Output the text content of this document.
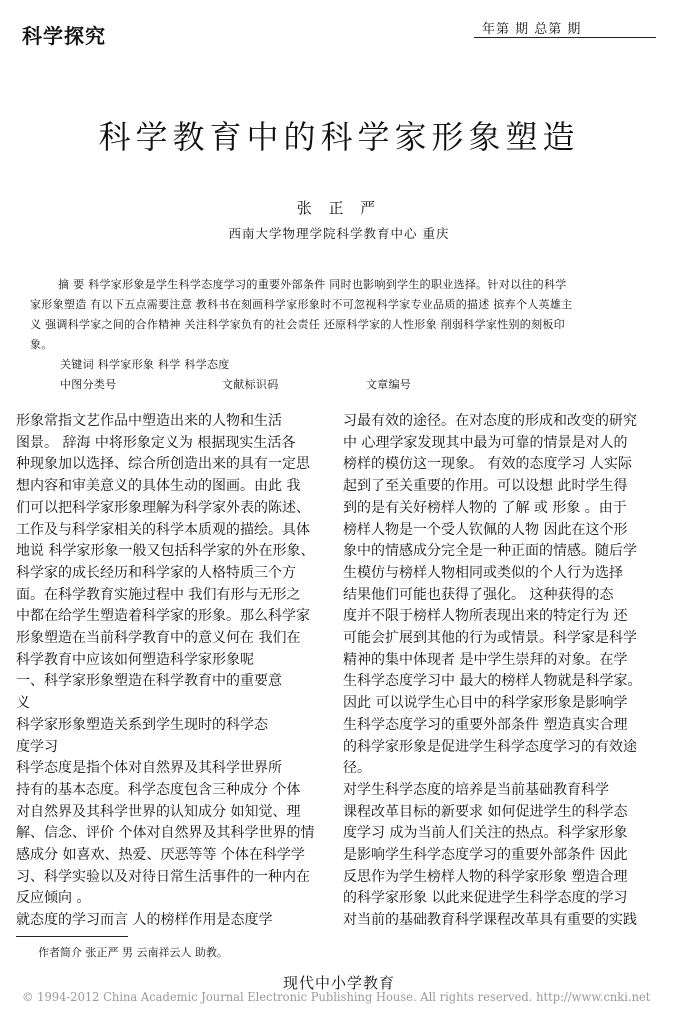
科学探究	年第 期 总第 期
科学教育中的科学家形象塑造
张 正 严
西南大学物理学院科学教育中心 重庆
摘 要 科学家形象是学生科学态度学习的重要外部条件 同时也影响到学生的职业选择。针对以往的科学
家形象塑造 有以下五点需要注意 教科书在刻画科学家形象时不可忽视科学家专业品质的描述 摈弃个人英雄主
义 强调科学家之间的合作精神 关注科学家负有的社会责任 还原科学家的人性形象 削弱科学家性别的刻板印
象。
关键词 科学家形象 科学 科学态度
中图分类号	文献标识码	文章编号
形象常指文艺作品中塑造出来的人物和生活
图景。 辞海 中将形象定义为 根据现实生活各
种现象加以选择、综合所创造出来的具有一定思
想内容和审美意义的具体生动的图画。由此 我
们可以把科学家形象理解为科学家外表的陈述、
工作及与科学家相关的科学本质观的描绘。具体
地说 科学家形象一般又包括科学家的外在形象、
科学家的成长经历和科学家的人格特质三个方
面。在科学教育实施过程中 我们有形与无形之
中都在给学生塑造着科学家的形象。那么科学家
形象塑造在当前科学教育中的意义何在 我们在
科学教育中应该如何塑造科学家形象呢
一、科学家形象塑造在科学教育中的重要意
义
科学家形象塑造关系到学生现时的科学态
度学习
科学态度是指个体对自然界及其科学世界所
持有的基本态度。科学态度包含三种成分 个体
对自然界及其科学世界的认知成分 如知觉、理
解、信念、评价 个体对自然界及其科学世界的情
感成分 如喜欢、热爱、厌恶等等 个体在科学学
习、科学实验以及对待日常生活事件的一种内在
反应倾向 。
就态度的学习而言 人的榜样作用是态度学
习最有效的途径。在对态度的形成和改变的研究
中 心理学家发现其中最为可靠的情景是对人的
榜样的模仿这一现象。 有效的态度学习 人实际
起到了至关重要的作用。可以设想 此时学生得
到的是有关好榜样人物的 了解 或 形象 。由于
榜样人物是一个受人钦佩的人物 因此在这个形
象中的情感成分完全是一种正面的情感。随后学
生模仿与榜样人物相同或类似的个人行为选择
结果他们可能也获得了强化。 这种获得的态
度并不限于榜样人物所表现出来的特定行为 还
可能会扩展到其他的行为或情景。科学家是科学
精神的集中体现者 是中学生崇拜的对象。在学
生科学态度学习中 最大的榜样人物就是科学家。
因此 可以说学生心目中的科学家形象是影响学
生科学态度学习的重要外部条件 塑造真实合理
的科学家形象是促进学生科学态度学习的有效途
径。
对学生科学态度的培养是当前基础教育科学
课程改革目标的新要求 如何促进学生的科学态
度学习 成为当前人们关注的热点。科学家形象
是影响学生科学态度学习的重要外部条件 因此
反思作为学生榜样人物的科学家形象 塑造合理
的科学家形象 以此来促进学生科学态度的学习
对当前的基础教育科学课程改革具有重要的实践
作者简介 张正严 男 云南祥云人 助教。
现代中小学教育
© 1994-2012 China Academic Journal Electronic Publishing House. All rights reserved. http://www.cnki.net
